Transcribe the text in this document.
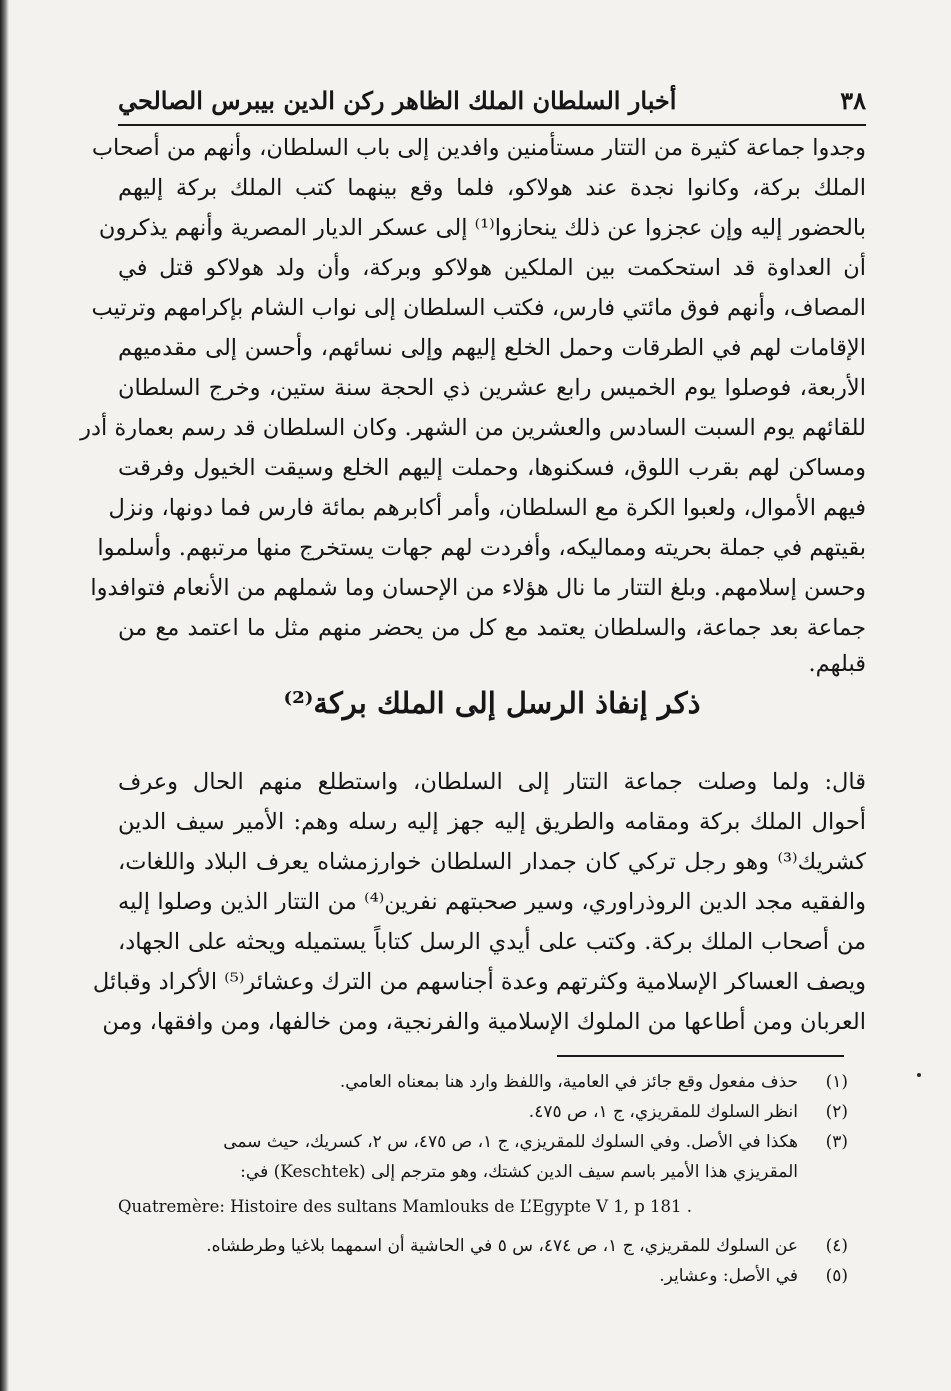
٣٨
أخبار السلطان الملك الظاهر ركن الدين بيبرس الصالحي
وجدوا جماعة كثيرة من التتار مستأمنين وافدين إلى باب السلطان، وأنهم من أصحاب
الملك بركة، وكانوا نجدة عند هولاكو، فلما وقع بينهما كتب الملك بركة إليهم
بالحضور إليه وإن عجزوا عن ذلك ينحازوا⁽¹⁾ إلى عسكر الديار المصرية وأنهم يذكرون
أن العداوة قد استحكمت بين الملكين هولاكو وبركة، وأن ولد هولاكو قتل في
المصاف، وأنهم فوق مائتي فارس، فكتب السلطان إلى نواب الشام بإكرامهم وترتيب
الإقامات لهم في الطرقات وحمل الخلع إليهم وإلى نسائهم، وأحسن إلى مقدميهم
الأربعة، فوصلوا يوم الخميس رابع عشرين ذي الحجة سنة ستين، وخرج السلطان
للقائهم يوم السبت السادس والعشرين من الشهر. وكان السلطان قد رسم بعمارة أدر
ومساكن لهم بقرب اللوق، فسكنوها، وحملت إليهم الخلع وسيقت الخيول وفرقت
فيهم الأموال، ولعبوا الكرة مع السلطان، وأمر أكابرهم بمائة فارس فما دونها، ونزل
بقيتهم في جملة بحريته ومماليكه، وأفردت لهم جهات يستخرج منها مرتبهم. وأسلموا
وحسن إسلامهم. وبلغ التتار ما نال هؤلاء من الإحسان وما شملهم من الأنعام فتوافدوا
جماعة بعد جماعة، والسلطان يعتمد مع كل من يحضر منهم مثل ما اعتمد مع من
قبلهم.
ذكر إنفاذ الرسل إلى الملك بركة⁽²⁾
قال: ولما وصلت جماعة التتار إلى السلطان، واستطلع منهم الحال وعرف
أحوال الملك بركة ومقامه والطريق إليه جهز إليه رسله وهم: الأمير سيف الدين
كشريك⁽³⁾ وهو رجل تركي كان جمدار السلطان خوارزمشاه يعرف البلاد واللغات،
والفقيه مجد الدين الروذراوري، وسير صحبتهم نفرين⁽⁴⁾ من التتار الذين وصلوا إليه
من أصحاب الملك بركة. وكتب على أيدي الرسل كتاباً يستميله ويحثه على الجهاد،
ويصف العساكر الإسلامية وكثرتهم وعدة أجناسهم من الترك وعشائر⁽⁵⁾ الأكراد وقبائل
العربان ومن أطاعها من الملوك الإسلامية والفرنجية، ومن خالفها، ومن وافقها، ومن
(١)
حذف مفعول وقع جائز في العامية، واللفظ وارد هنا بمعناه العامي.
(٢)
انظر السلوك للمقريزي، ج ١، ص ٤٧٥.
(٣)
هكذا في الأصل. وفي السلوك للمقريزي، ج ١، ص ٤٧٥، س ٢، كسريك، حيث سمى
المقريزي هذا الأمير باسم سيف الدين كشتك، وهو مترجم إلى (Keschtek) في:
Quatremère: Histoire des sultans Mamlouks de L’Egypte V 1, p 181 .
(٤)
عن السلوك للمقريزي، ج ١، ص ٤٧٤، س ٥ في الحاشية أن اسمهما بلاغيا وطرطشاه.
(٥)
في الأصل: وعشاير.
